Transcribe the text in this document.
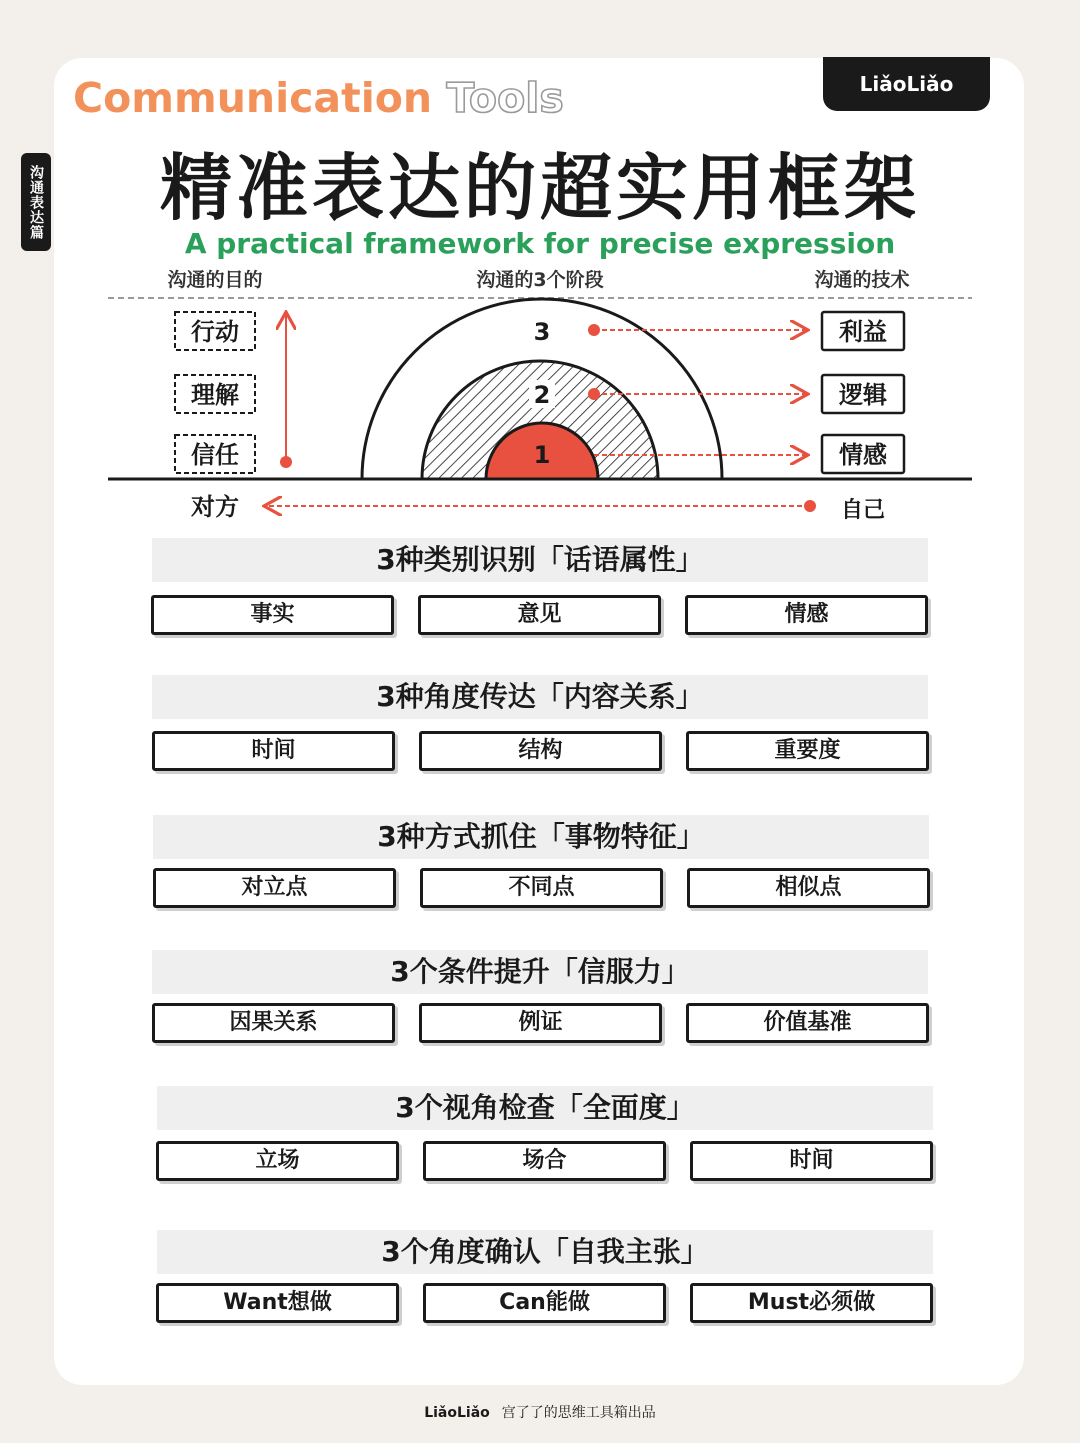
沟通表达篇
LiǎoLiǎo
Communication Tools
精准表达的超实用框架
A practical framework for precise expression
沟通的目的	沟通的3个阶段	沟通的技术
3
2
1
行动
理解
信任
利益
逻辑
情感
对方	自己
3种类别识别「话语属性」
事实	意见	情感
3种角度传达「内容关系」
时间	结构	重要度
3种方式抓住「事物特征」
对立点	不同点	相似点
3个条件提升「信服力」
因果关系	例证	价值基准
3个视角检查「全面度」
立场	场合	时间
3个角度确认「自我主张」
Want想做	Can能做	Must必须做
LiǎoLiǎo 宫了了的思维工具箱出品
